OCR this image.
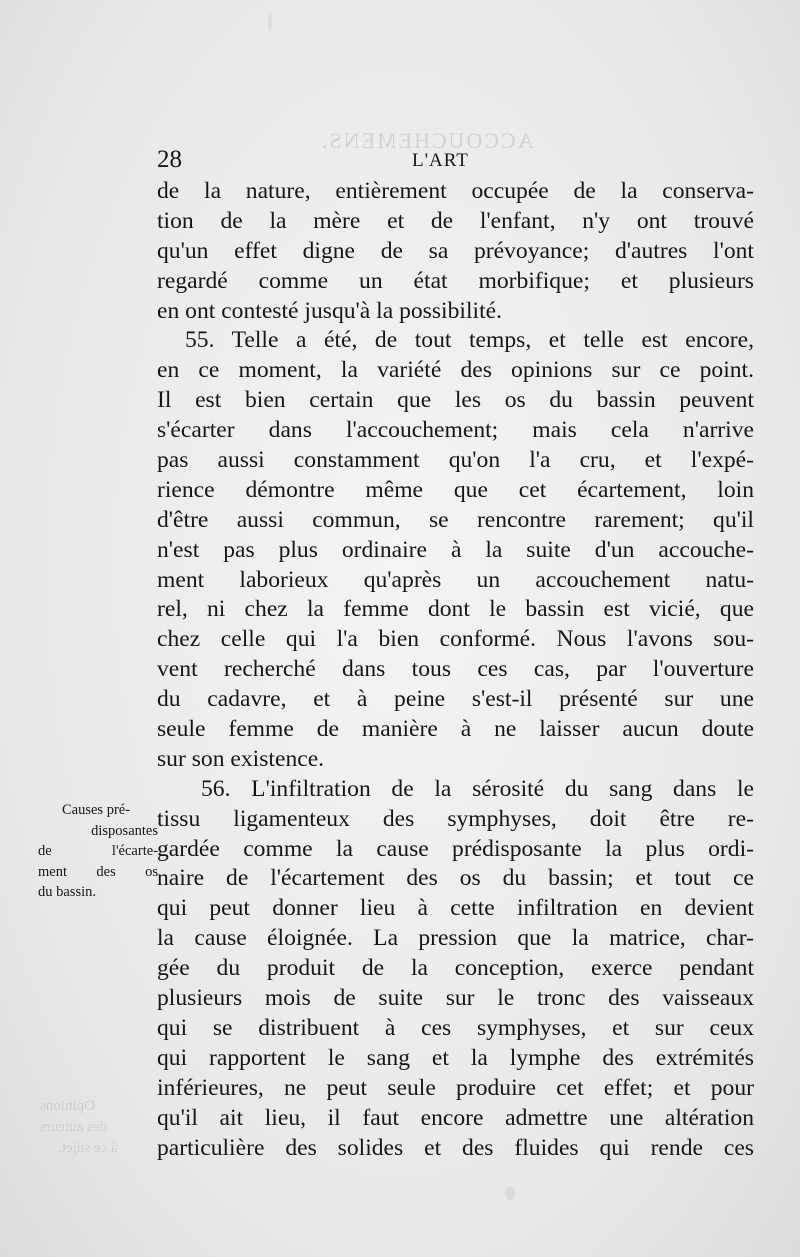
ACCOUCHEMENS.
Opinions
des auteurs
à ce sujet.
28	L'ART
de la nature, entièrement occupée de la conserva-
tion de la mère et de l'enfant, n'y ont trouvé
qu'un effet digne de sa prévoyance; d'autres l'ont
regardé comme un état morbifique; et plusieurs
en ont contesté jusqu'à la possibilité.
55. Telle a été, de tout temps, et telle est encore,
en ce moment, la variété des opinions sur ce point.
Il est bien certain que les os du bassin peuvent
s'écarter dans l'accouchement; mais cela n'arrive
pas aussi constamment qu'on l'a cru, et l'expé-
rience démontre même que cet écartement, loin
d'être aussi commun, se rencontre rarement; qu'il
n'est pas plus ordinaire à la suite d'un accouche-
ment laborieux qu'après un accouchement natu-
rel, ni chez la femme dont le bassin est vicié, que
chez celle qui l'a bien conformé. Nous l'avons sou-
vent recherché dans tous ces cas, par l'ouverture
du cadavre, et à peine s'est-il présenté sur une
seule femme de manière à ne laisser aucun doute
sur son existence.
56. L'infiltration de la sérosité du sang dans le
tissu ligamenteux des symphyses, doit être re-
gardée comme la cause prédisposante la plus ordi-
naire de l'écartement des os du bassin; et tout ce
qui peut donner lieu à cette infiltration en devient
la cause éloignée. La pression que la matrice, char-
gée du produit de la conception, exerce pendant
plusieurs mois de suite sur le tronc des vaisseaux
qui se distribuent à ces symphyses, et sur ceux
qui rapportent le sang et la lymphe des extrémités
inférieures, ne peut seule produire cet effet; et pour
qu'il ait lieu, il faut encore admettre une altération
particulière des solides et des fluides qui rende ces
Causes pré-
disposantes
de l'écarte-
ment des os
du bassin.
